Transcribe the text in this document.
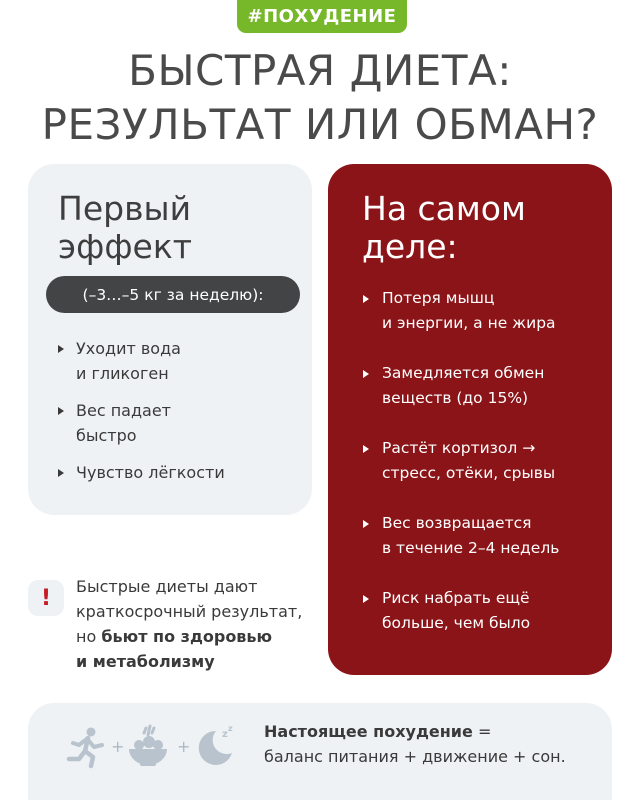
#ПОХУДЕНИЕ
БЫСТРАЯ ДИЕТА:
РЕЗУЛЬТАТ ИЛИ ОБМАН?
Первый
эффект
(–3…–5 кг за неделю):
Уходит вода
и гликоген
Вес падает
быстро
Чувство лёгкости
На самом
деле:
Потеря мышц
и энергии, а не жира
Замедляется обмен
веществ (до 15%)
Растёт кортизол →
стресс, отёки, срывы
Вес возвращается
в течение 2–4 недель
Риск набрать ещё
больше, чем было
!	Быстрые диеты дают
краткосрочный результат,
но бьют по здоровью
и метаболизму
+	+
z
z Настоящее похудение =
баланс питания + движение + сон.
